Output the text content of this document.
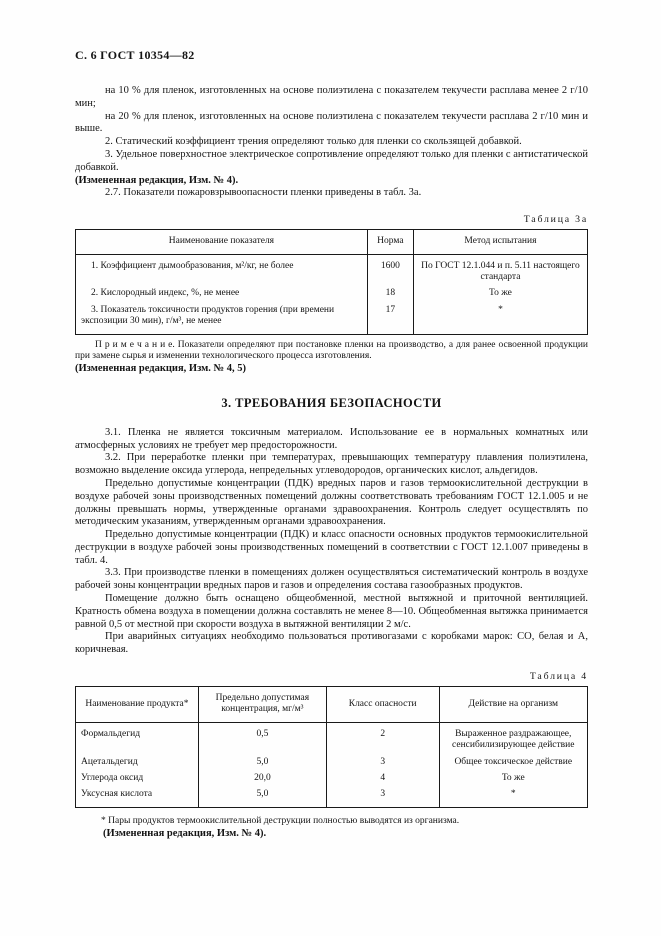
С. 6 ГОСТ 10354—82

на 10 % для пленок, изготовленных на основе полиэтилена с показателем текучести расплава менее 2 г/10 мин;

на 20 % для пленок, изготовленных на основе полиэтилена с показателем текучести расплава 2 г/10 мин и выше.

2. Статический коэффициент трения определяют только для пленки со скользящей добавкой.

3. Удельное поверхностное электрическое сопротивление определяют только для пленки с антистатической добавкой.

(Измененная редакция, Изм. № 4).

2.7. Показатели пожаровзрывоопасности пленки приведены в табл. 3а.

Таблица 3а
Наименование показателя	Норма	Метод испытания
1. Коэффициент дымообразования, м²/кг, не более	1600	По ГОСТ 12.1.044 и п. 5.11 настоящего стандарта
2. Кислородный индекс, %, не менее	18	То же
3. Показатель токсичности продуктов горения (при времени экспозиции 30 мин), г/м³, не менее	17	*

П р и м е ч а н и е. Показатели определяют при постановке пленки на производство, а для ранее освоенной продукции при замене сырья и изменении технологического процесса изготовления.

(Измененная редакция, Изм. № 4, 5)

3. ТРЕБОВАНИЯ БЕЗОПАСНОСТИ

3.1. Пленка не является токсичным материалом. Использование ее в нормальных комнатных или атмосферных условиях не требует мер предосторожности.

3.2. При переработке пленки при температурах, превышающих температуру плавления полиэтилена, возможно выделение оксида углерода, непредельных углеводородов, органических кислот, альдегидов.

Предельно допустимые концентрации (ПДК) вредных паров и газов термоокислительной деструкции в воздухе рабочей зоны производственных помещений должны соответствовать требованиям ГОСТ 12.1.005 и не должны превышать нормы, утвержденные органами здравоохранения. Контроль следует осуществлять по методическим указаниям, утвержденным органами здравоохранения.

Предельно допустимые концентрации (ПДК) и класс опасности основных продуктов термоокислительной деструкции в воздухе рабочей зоны производственных помещений в соответствии с ГОСТ 12.1.007 приведены в табл. 4.

3.3. При производстве пленки в помещениях должен осуществляться систематический контроль в воздухе рабочей зоны концентрации вредных паров и газов и определения состава газообразных продуктов.

Помещение должно быть оснащено общеобменной, местной вытяжной и приточной вентиляцией. Кратность обмена воздуха в помещении должна составлять не менее 8—10. Общеобменная вытяжка принимается равной 0,5 от местной при скорости воздуха в вытяжной вентиляции 2 м/с.

При аварийных ситуациях необходимо пользоваться противогазами с коробками марок: СО, белая и А, коричневая.

Таблица 4
Наименование продукта*	Предельно допустимая концентрация, мг/м³	Класс опасности	Действие на организм
Формальдегид	0,5	2	Выраженное раздражающее, сенсибилизирующее действие
Ацетальдегид	5,0	3	Общее токсическое действие
Углерода оксид	20,0	4	То же
Уксусная кислота	5,0	3	*

* Пары продуктов термоокислительной деструкции полностью выводятся из организма.

(Измененная редакция, Изм. № 4).
